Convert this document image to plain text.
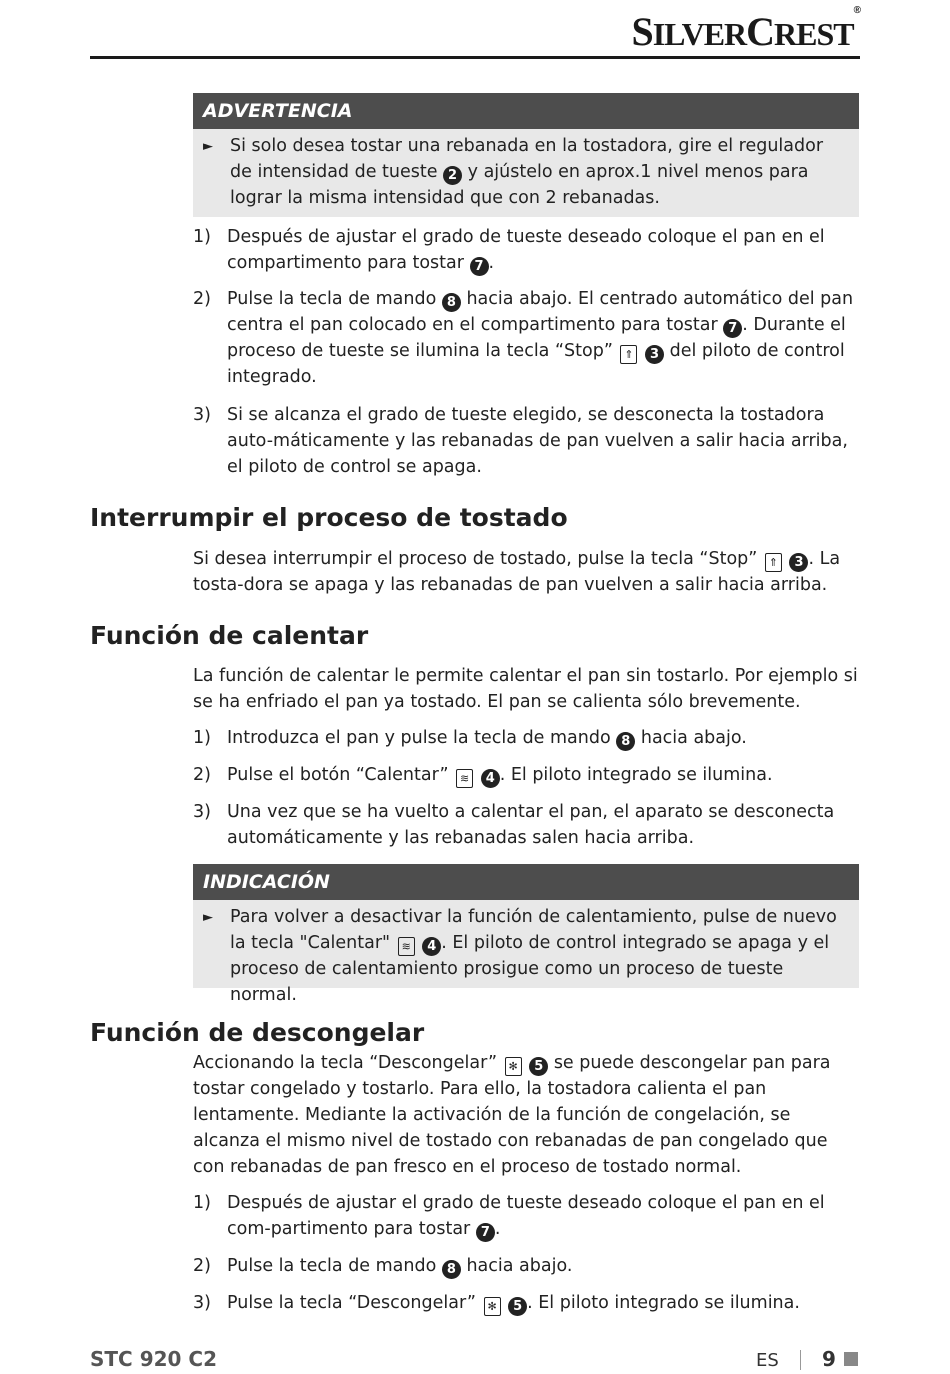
SILVERCREST®
ADVERTENCIA
► Si solo desea tostar una rebanada en la tostadora, gire el regulador de intensidad de tueste 2 y ajústelo en aprox.1 nivel menos para lograr la misma intensidad que con 2 rebanadas.
1) Después de ajustar el grado de tueste deseado coloque el pan en el compartimento para tostar 7 .
2) Pulse la tecla de mando 8 hacia abajo. El centrado automático del pan centra el pan colocado en el compartimento para tostar 7 . Durante el proceso de tueste se ilumina la tecla “Stop” ⇑ 3 del piloto de control integrado.
3) Si se alcanza el grado de tueste elegido, se desconecta la tostadora auto-máticamente y las rebanadas de pan vuelven a salir hacia arriba, el piloto de control se apaga.
Interrumpir el proceso de tostado
Si desea interrumpir el proceso de tostado, pulse la tecla “Stop” ⇑ 3 . La tosta-dora se apaga y las rebanadas de pan vuelven a salir hacia arriba.
Función de calentar
La función de calentar le permite calentar el pan sin tostarlo. Por ejemplo si se ha enfriado el pan ya tostado. El pan se calienta sólo brevemente.
1) Introduzca el pan y pulse la tecla de mando 8 hacia abajo.
2) Pulse el botón “Calentar” ≋ 4 . El piloto integrado se ilumina.
3) Una vez que se ha vuelto a calentar el pan, el aparato se desconecta automáticamente y las rebanadas salen hacia arriba.
INDICACIÓN
► Para volver a desactivar la función de calentamiento, pulse de nuevo la tecla "Calentar" ≋ 4 . El piloto de control integrado se apaga y el proceso de calentamiento prosigue como un proceso de tueste normal.
Función de descongelar
Accionando la tecla “Descongelar” ✻ 5 se puede descongelar pan para tostar congelado y tostarlo. Para ello, la tostadora calienta el pan lentamente. Mediante la activación de la función de congelación, se alcanza el mismo nivel de tostado con rebanadas de pan congelado que con rebanadas de pan fresco en el proceso de tostado normal.
1) Después de ajustar el grado de tueste deseado coloque el pan en el com-partimento para tostar 7 .
2) Pulse la tecla de mando 8 hacia abajo.
3) Pulse la tecla “Descongelar” ✻ 5 . El piloto integrado se ilumina.
STC 920 C2	ES 9
